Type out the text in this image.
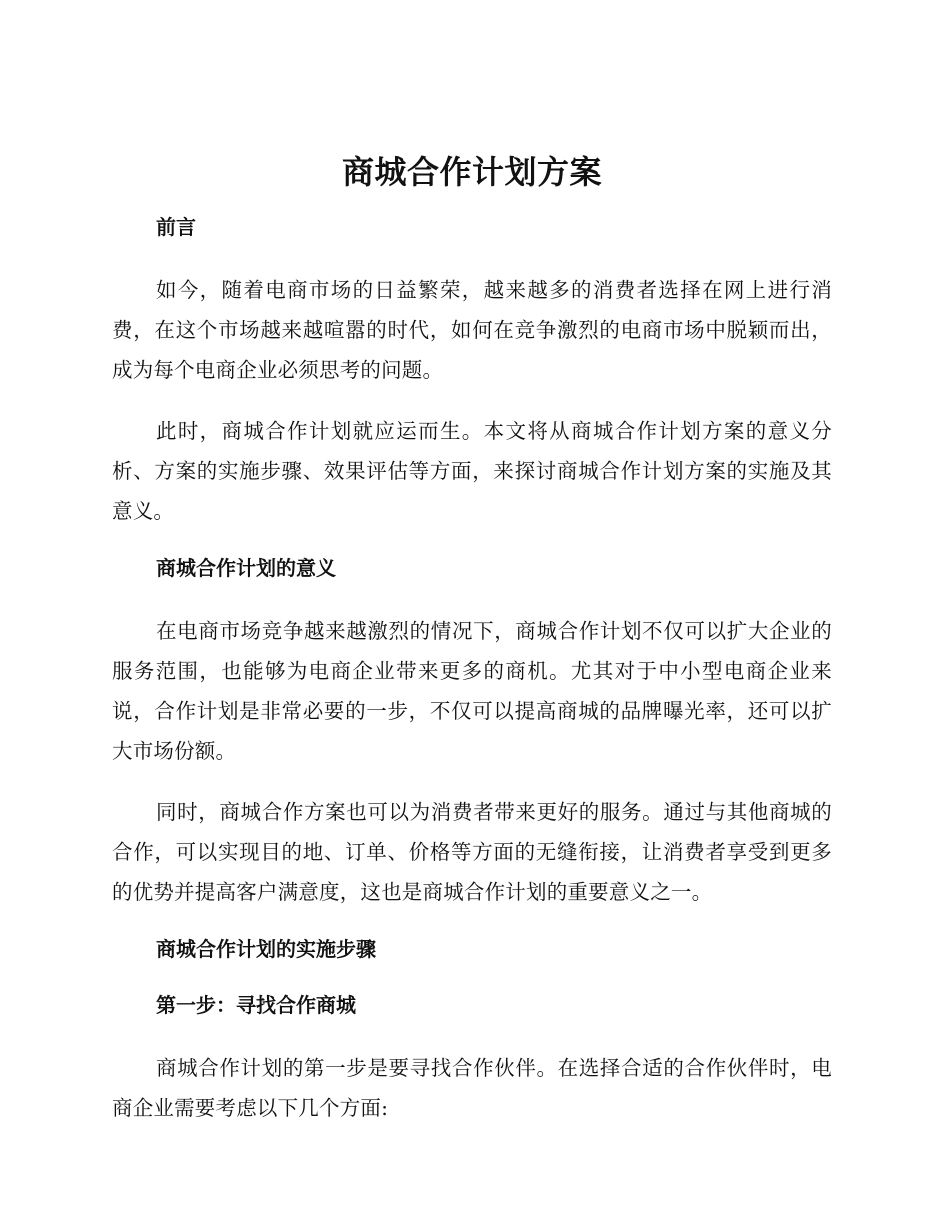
商城合作计划方案
前言

如今，随着电商市场的日益繁荣，越来越多的消费者选择在网上进行消费，在这个市场越来越喧嚣的时代，如何在竞争激烈的电商市场中脱颖而出，成为每个电商企业必须思考的问题。

此时，商城合作计划就应运而生。本文将从商城合作计划方案的意义分析、方案的实施步骤、效果评估等方面，来探讨商城合作计划方案的实施及其意义。

商城合作计划的意义

在电商市场竞争越来越激烈的情况下，商城合作计划不仅可以扩大企业的服务范围，也能够为电商企业带来更多的商机。尤其对于中小型电商企业来说，合作计划是非常必要的一步，不仅可以提高商城的品牌曝光率，还可以扩大市场份额。

同时，商城合作方案也可以为消费者带来更好的服务。通过与其他商城的合作，可以实现目的地、订单、价格等方面的无缝衔接，让消费者享受到更多的优势并提高客户满意度，这也是商城合作计划的重要意义之一。

商城合作计划的实施步骤
第一步：寻找合作商城

商城合作计划的第一步是要寻找合作伙伴。在选择合适的合作伙伴时，电商企业需要考虑以下几个方面:
